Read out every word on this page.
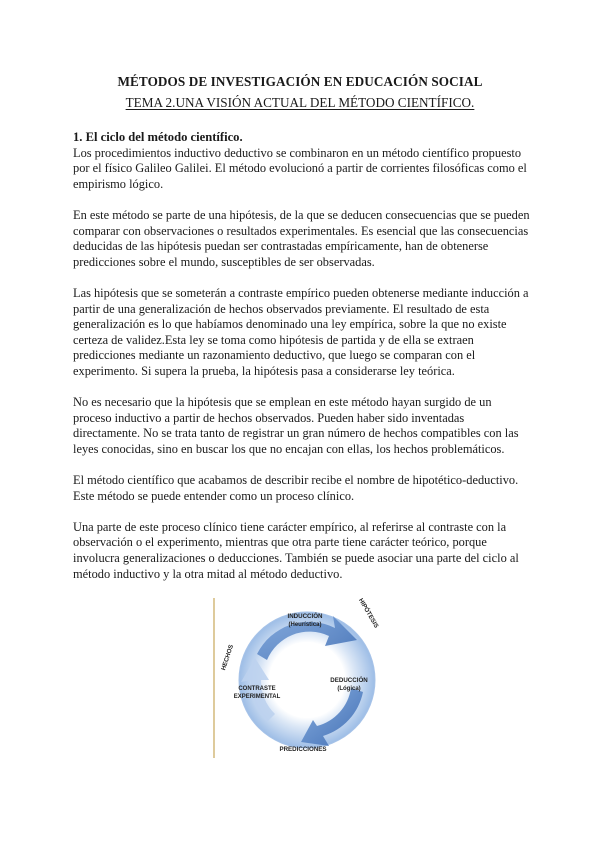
MÉTODOS DE INVESTIGACIÓN EN EDUCACIÓN SOCIAL
TEMA 2.UNA VISIÓN ACTUAL DEL MÉTODO CIENTÍFICO.
1. El ciclo del método científico.

Los procedimientos inductivo deductivo se combinaron en un método científico propuesto por el físico Galileo Galilei. El método evolucionó a partir de corrientes filosóficas como el empirismo lógico.

En este método se parte de una hipótesis, de la que se deducen consecuencias que se pueden comparar con observaciones o resultados experimentales. Es esencial que las consecuencias deducidas de las hipótesis puedan ser contrastadas empíricamente, han de obtenerse predicciones sobre el mundo, susceptibles de ser observadas.

Las hipótesis que se someterán a contraste empírico pueden obtenerse mediante inducción a partir de una generalización de hechos observados previamente. El resultado de esta generalización es lo que habíamos denominado una ley empírica, sobre la que no existe certeza de validez.Esta ley se toma como hipótesis de partida y de ella se extraen predicciones mediante un razonamiento deductivo, que luego se comparan con el experimento. Si supera la prueba, la hipótesis pasa a considerarse ley teórica.

No es necesario que la hipótesis que se emplean en este método hayan surgido de un proceso inductivo a partir de hechos observados. Pueden haber sido inventadas directamente. No se trata tanto de registrar un gran número de hechos compatibles con las leyes conocidas, sino en buscar los que no encajan con ellas, los hechos problemáticos.

El método científico que acabamos de describir recibe el nombre de hipotético-deductivo. Este método se puede entender como un proceso clínico.

Una parte de este proceso clínico tiene carácter empírico, al referirse al contraste con la observación o el experimento, mientras que otra parte tiene carácter teórico, porque involucra generalizaciones o deducciones. También se puede asociar una parte del ciclo al método inductivo y la otra mitad al método deductivo.

INDUCCIÓN
(Heurística)
DEDUCCIÓN
(Lógica)
CONTRASTE
EXPERIMENTAL
HECHOS
HIPÓTESIS
PREDICCIONES
